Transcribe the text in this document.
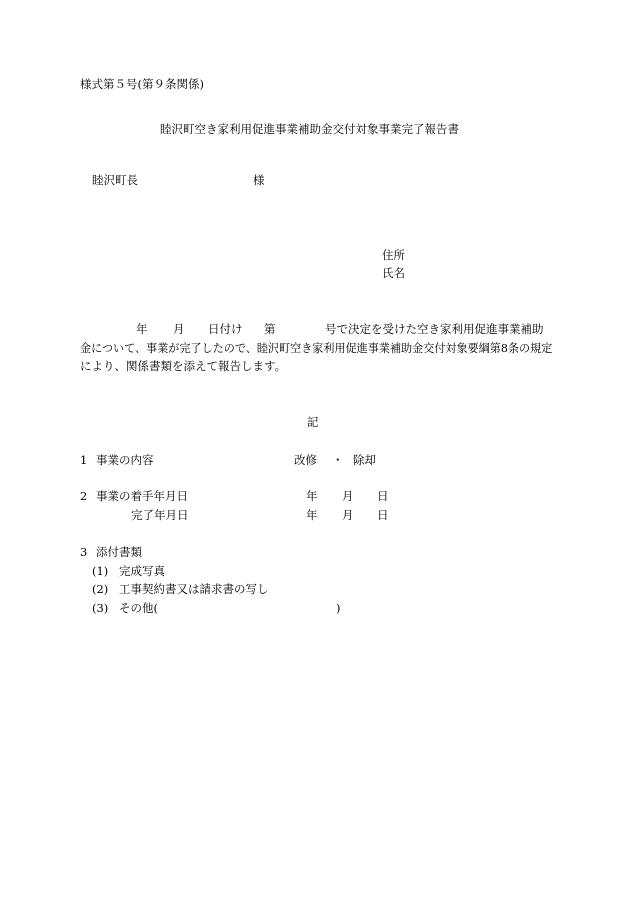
様式第５号(第９条関係)
睦沢町空き家利用促進事業補助金交付対象事業完了報告書
睦沢町長	様
住所
氏名
年 月 日付け 第	号で決定を受けた空き家利用促進事業補助
金について、事業が完了したので、睦沢町空き家利用促進事業補助金交付対象要綱第8条の規定
により、関係書類を添えて報告します。
記
1 事業の内容	改修 ・ 除却
2 事業の着手年月日	年 月 日
完了年月日	年 月 日
3 添付書類
(1) 完成写真
(2) 工事契約書又は請求書の写し
(3) その他(	)
